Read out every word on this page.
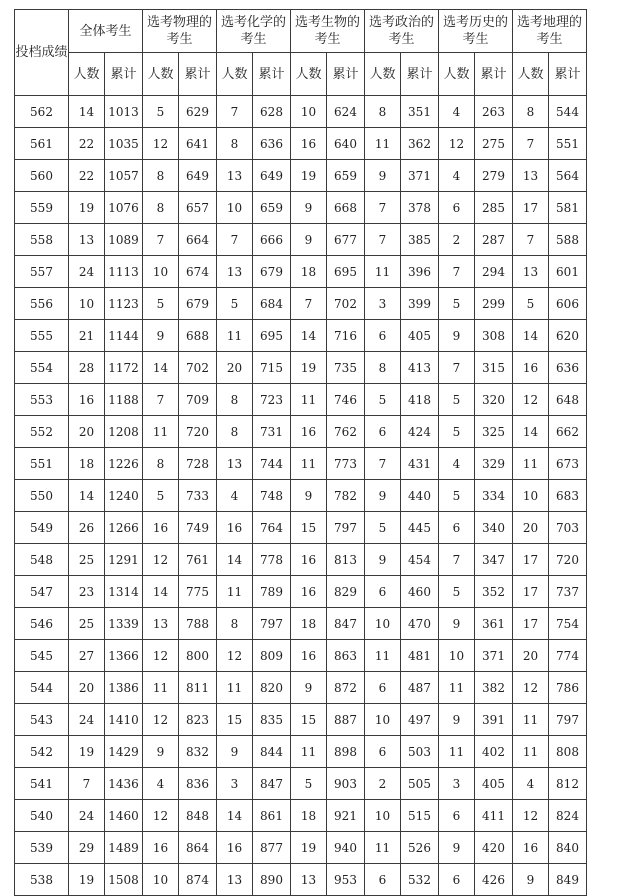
投档成绩	全体考生		选考物理的考生		选考化学的考生		选考生物的考生		选考政治的考生		选考历史的考生		选考地理的考生	
	人数	累计	人数	累计	人数	累计	人数	累计	人数	累计	人数	累计	人数	累计
562	14	1013	5	629	7	628	10	624	8	351	4	263	8	544
561	22	1035	12	641	8	636	16	640	11	362	12	275	7	551
560	22	1057	8	649	13	649	19	659	9	371	4	279	13	564
559	19	1076	8	657	10	659	9	668	7	378	6	285	17	581
558	13	1089	7	664	7	666	9	677	7	385	2	287	7	588
557	24	1113	10	674	13	679	18	695	11	396	7	294	13	601
556	10	1123	5	679	5	684	7	702	3	399	5	299	5	606
555	21	1144	9	688	11	695	14	716	6	405	9	308	14	620
554	28	1172	14	702	20	715	19	735	8	413	7	315	16	636
553	16	1188	7	709	8	723	11	746	5	418	5	320	12	648
552	20	1208	11	720	8	731	16	762	6	424	5	325	14	662
551	18	1226	8	728	13	744	11	773	7	431	4	329	11	673
550	14	1240	5	733	4	748	9	782	9	440	5	334	10	683
549	26	1266	16	749	16	764	15	797	5	445	6	340	20	703
548	25	1291	12	761	14	778	16	813	9	454	7	347	17	720
547	23	1314	14	775	11	789	16	829	6	460	5	352	17	737
546	25	1339	13	788	8	797	18	847	10	470	9	361	17	754
545	27	1366	12	800	12	809	16	863	11	481	10	371	20	774
544	20	1386	11	811	11	820	9	872	6	487	11	382	12	786
543	24	1410	12	823	15	835	15	887	10	497	9	391	11	797
542	19	1429	9	832	9	844	11	898	6	503	11	402	11	808
541	7	1436	4	836	3	847	5	903	2	505	3	405	4	812
540	24	1460	12	848	14	861	18	921	10	515	6	411	12	824
539	29	1489	16	864	16	877	19	940	11	526	9	420	16	840
538	19	1508	10	874	13	890	13	953	6	532	6	426	9	849
